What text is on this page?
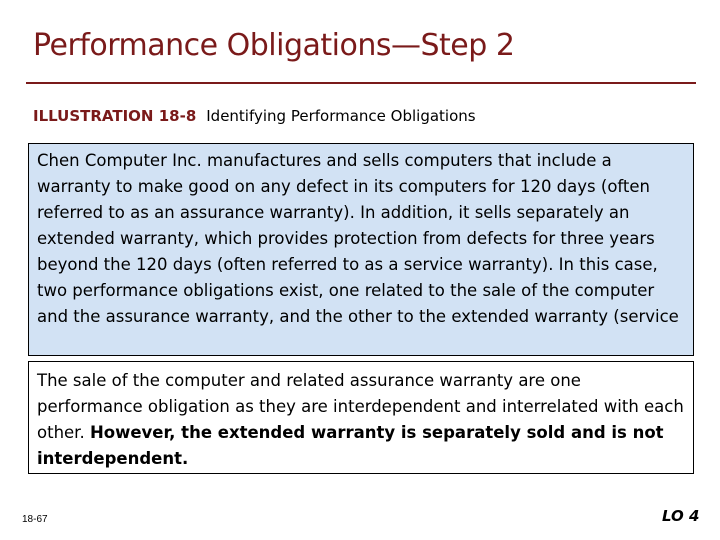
Performance Obligations—Step 2
ILLUSTRATION 18-8 Identifying Performance Obligations

Chen Computer Inc. manufactures and sells computers that include a warranty to make good on any defect in its computers for 120 days (often referred to as an assurance warranty). In addition, it sells separately an extended warranty, which provides protection from defects for three years beyond the 120 days (often referred to as a service warranty). In this case, two performance obligations exist, one related to the sale of the computer and the assurance warranty, and the other to the extended warranty (service

The sale of the computer and related assurance warranty are one performance obligation as they are interdependent and interrelated with each other. However, the extended warranty is separately sold and is not interdependent.

18-67	LO 4
